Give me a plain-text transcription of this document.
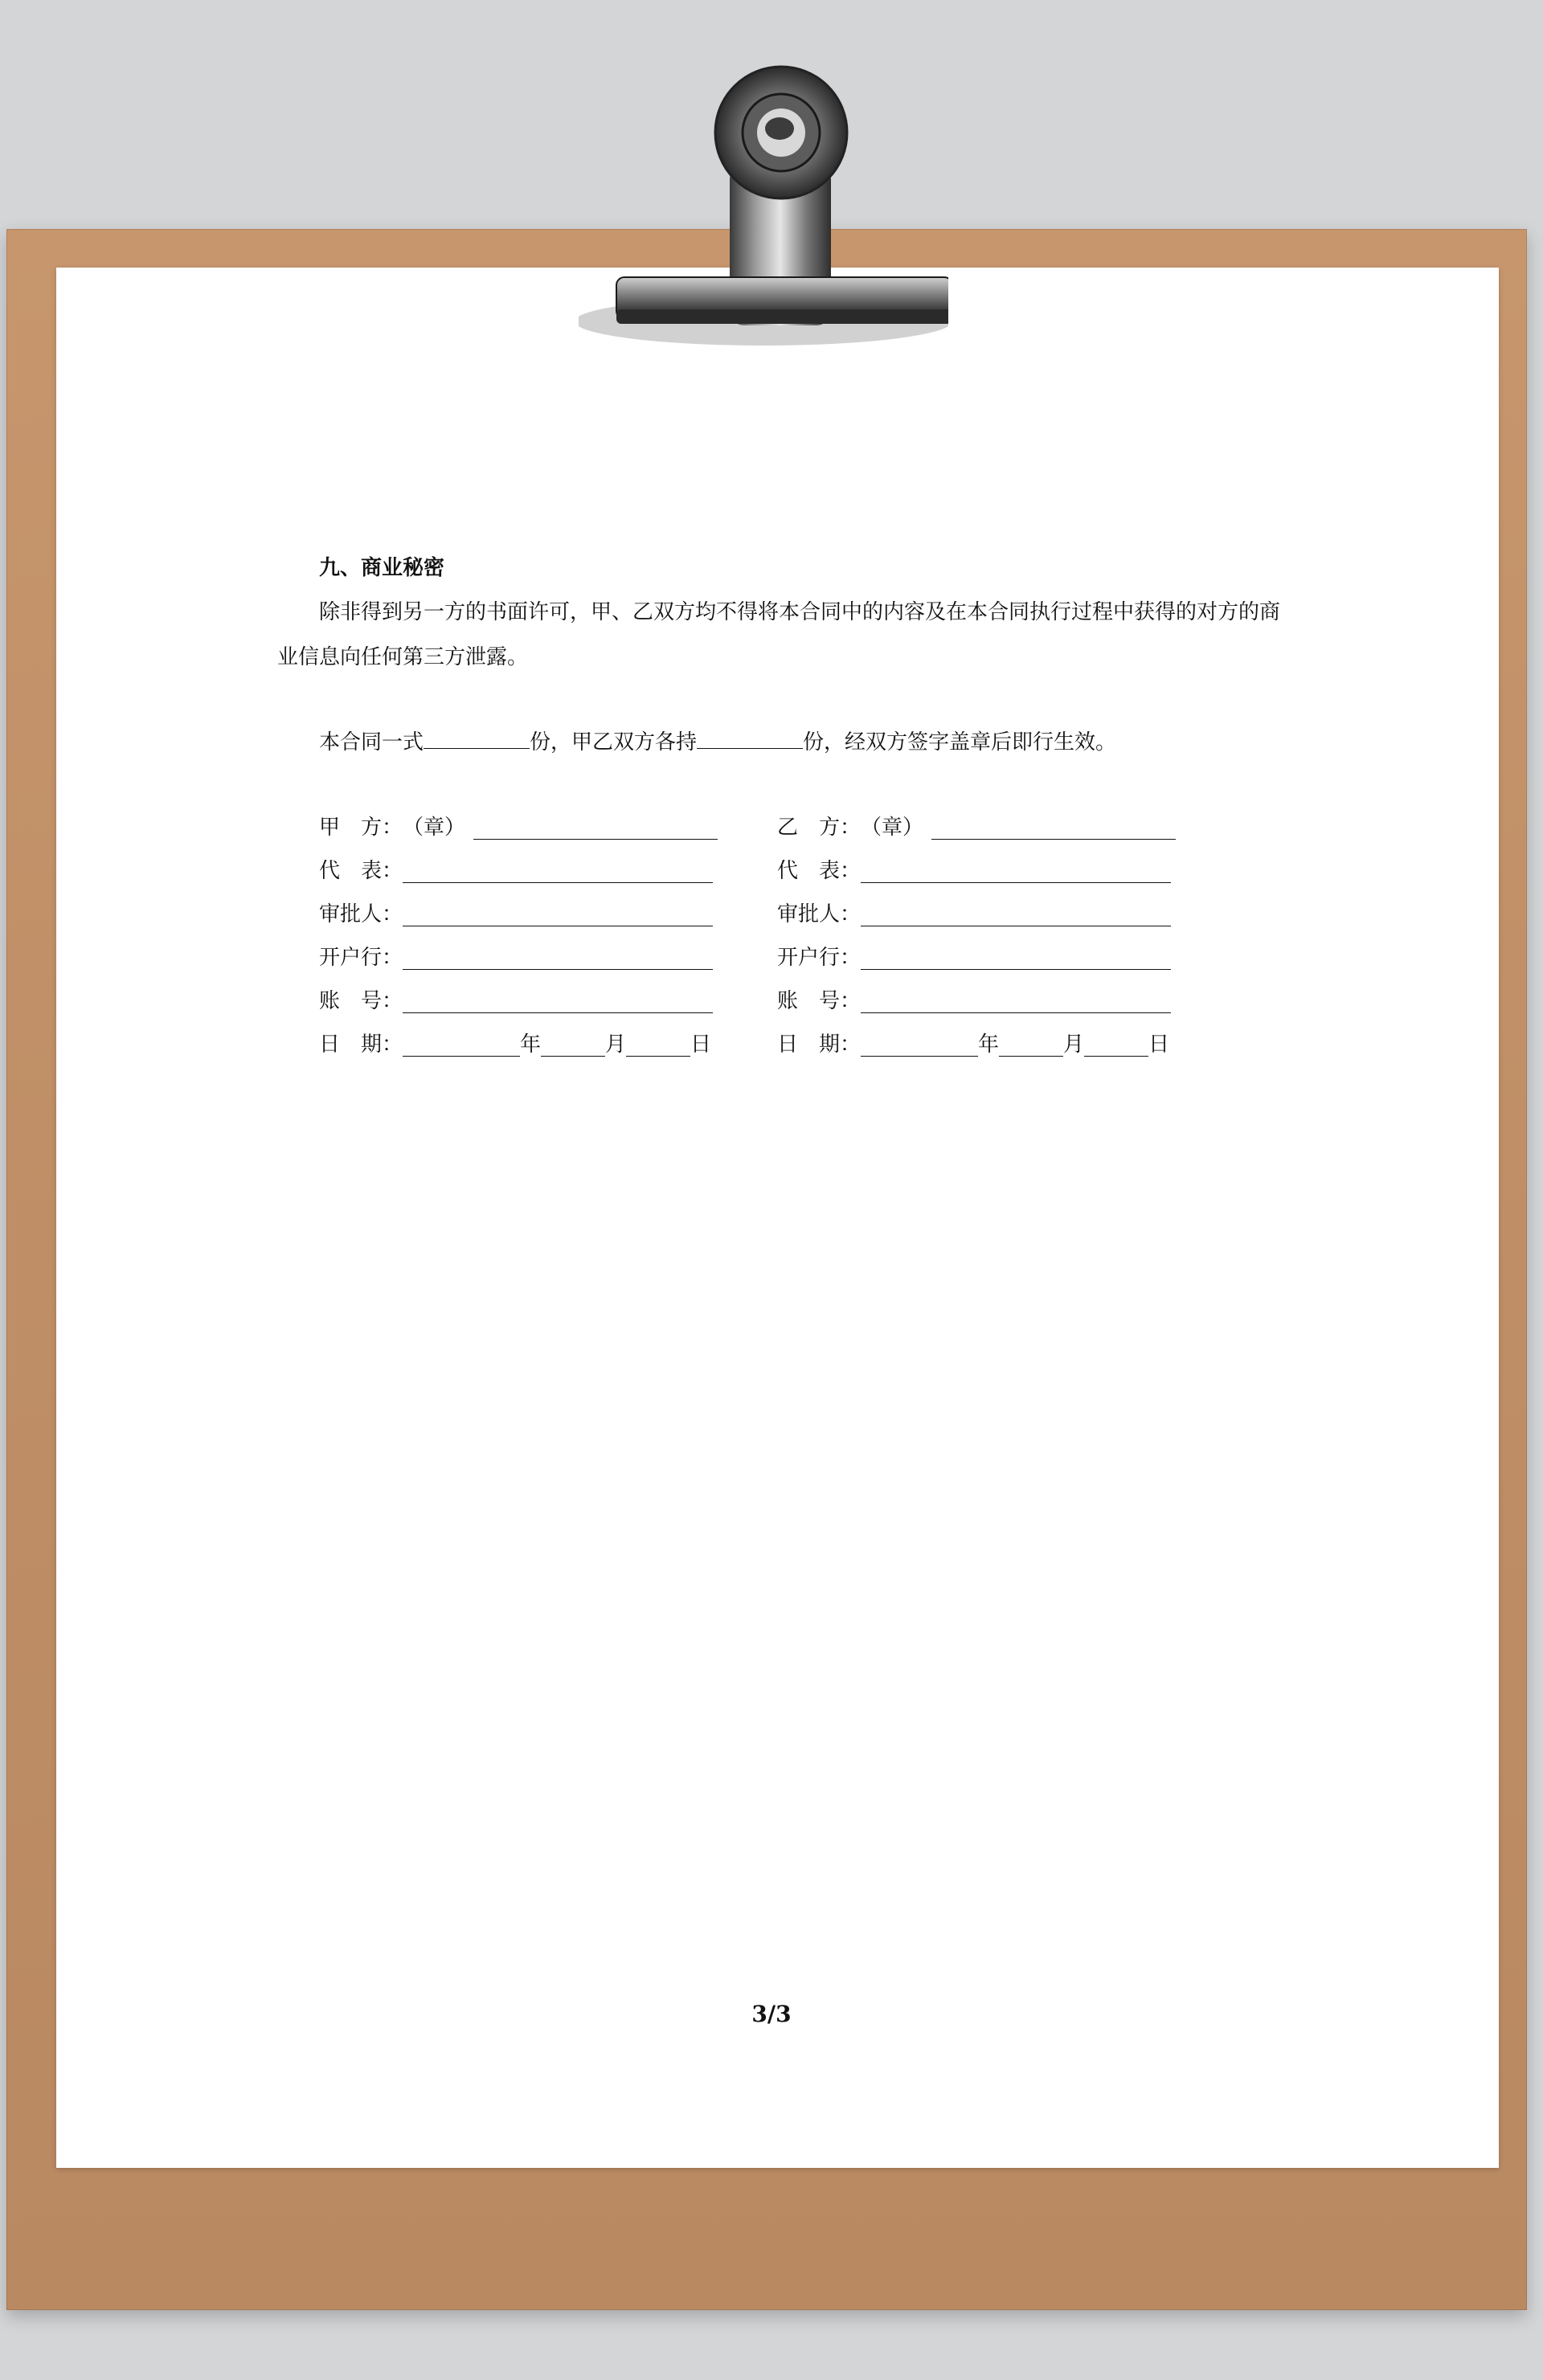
九、商业秘密

除非得到另一方的书面许可，甲、乙双方均不得将本合同中的内容及在本合同执行过程中获得的对方的商业信息向任何第三方泄露。

本合同一式	份，甲乙双方各持	份，经双方签字盖章后即行生效。

甲　方： （章）
代　表：
审批人：
开户行：
账　号：
日　期：	年	月	日
乙　方： （章）
代　表：
审批人：
开户行：
账　号：
日　期：	年	月	日
3/3
